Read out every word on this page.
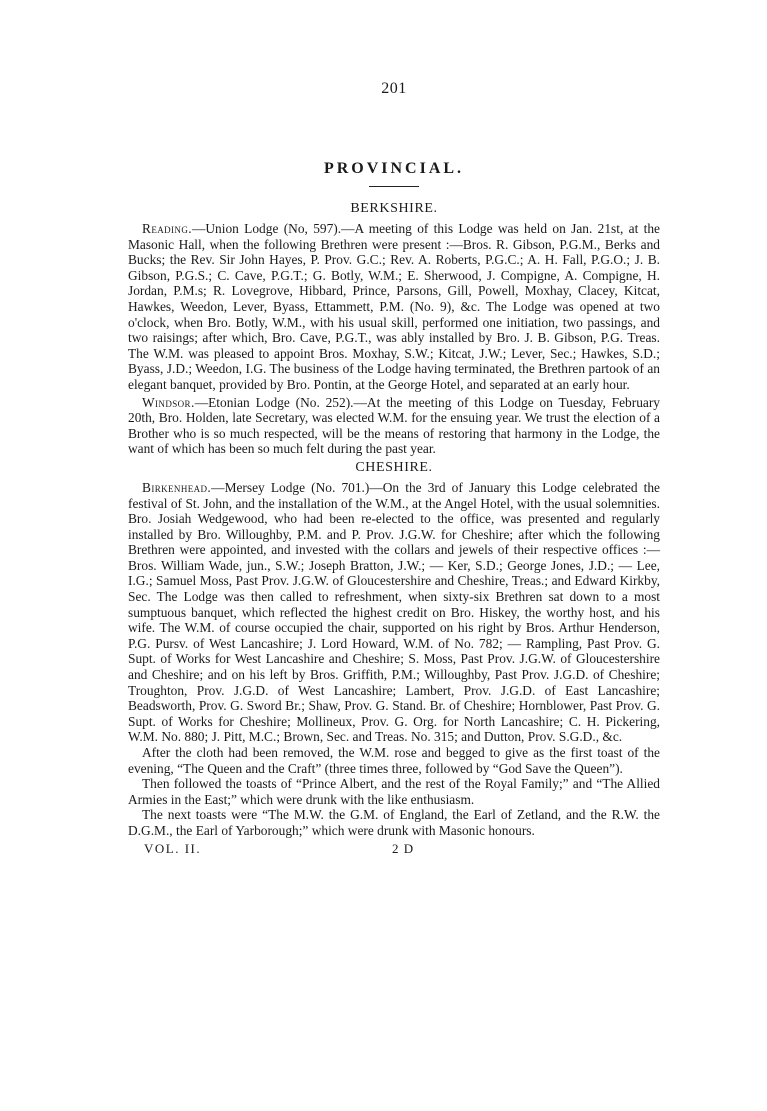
201
PROVINCIAL.
BERKSHIRE.

Reading.—Union Lodge (No, 597).—A meeting of this Lodge was held on Jan. 21st, at the Masonic Hall, when the following Brethren were present :—Bros. R. Gibson, P.G.M., Berks and Bucks; the Rev. Sir John Hayes, P. Prov. G.C.; Rev. A. Roberts, P.G.C.; A. H. Fall, P.G.O.; J. B. Gibson, P.G.S.; C. Cave, P.G.T.; G. Botly, W.M.; E. Sherwood, J. Compigne, A. Compigne, H. Jordan, P.M.s; R. Lovegrove, Hibbard, Prince, Parsons, Gill, Powell, Moxhay, Clacey, Kitcat, Hawkes, Weedon, Lever, Byass, Ettammett, P.M. (No. 9), &c. The Lodge was opened at two o'clock, when Bro. Botly, W.M., with his usual skill, performed one initiation, two passings, and two raisings; after which, Bro. Cave, P.G.T., was ably installed by Bro. J. B. Gibson, P.G. Treas. The W.M. was pleased to appoint Bros. Moxhay, S.W.; Kitcat, J.W.; Lever, Sec.; Hawkes, S.D.; Byass, J.D.; Weedon, I.G. The business of the Lodge having terminated, the Brethren partook of an elegant banquet, provided by Bro. Pontin, at the George Hotel, and separated at an early hour.

Windsor.—Etonian Lodge (No. 252).—At the meeting of this Lodge on Tuesday, February 20th, Bro. Holden, late Secretary, was elected W.M. for the ensuing year. We trust the election of a Brother who is so much respected, will be the means of restoring that harmony in the Lodge, the want of which has been so much felt during the past year.

CHESHIRE.

Birkenhead.—Mersey Lodge (No. 701.)—On the 3rd of January this Lodge celebrated the festival of St. John, and the installation of the W.M., at the Angel Hotel, with the usual solemnities. Bro. Josiah Wedgewood, who had been re-elected to the office, was presented and regularly installed by Bro. Willoughby, P.M. and P. Prov. J.G.W. for Cheshire; after which the following Brethren were appointed, and invested with the collars and jewels of their respective offices :—Bros. William Wade, jun., S.W.; Joseph Bratton, J.W.; — Ker, S.D.; George Jones, J.D.; — Lee, I.G.; Samuel Moss, Past Prov. J.G.W. of Gloucestershire and Cheshire, Treas.; and Edward Kirkby, Sec. The Lodge was then called to refreshment, when sixty-six Brethren sat down to a most sumptuous banquet, which reflected the highest credit on Bro. Hiskey, the worthy host, and his wife. The W.M. of course occupied the chair, supported on his right by Bros. Arthur Henderson, P.G. Pursv. of West Lancashire; J. Lord Howard, W.M. of No. 782; — Rampling, Past Prov. G. Supt. of Works for West Lancashire and Cheshire; S. Moss, Past Prov. J.G.W. of Gloucestershire and Cheshire; and on his left by Bros. Griffith, P.M.; Willoughby, Past Prov. J.G.D. of Cheshire; Troughton, Prov. J.G.D. of West Lancashire; Lambert, Prov. J.G.D. of East Lancashire; Beadsworth, Prov. G. Sword Br.; Shaw, Prov. G. Stand. Br. of Cheshire; Hornblower, Past Prov. G. Supt. of Works for Cheshire; Mollineux, Prov. G. Org. for North Lancashire; C. H. Pickering, W.M. No. 880; J. Pitt, M.C.; Brown, Sec. and Treas. No. 315; and Dutton, Prov. S.G.D., &c.

After the cloth had been removed, the W.M. rose and begged to give as the first toast of the evening, “The Queen and the Craft” (three times three, followed by “God Save the Queen”).

Then followed the toasts of “Prince Albert, and the rest of the Royal Family;” and “The Allied Armies in the East;” which were drunk with the like enthusiasm.

The next toasts were “The M.W. the G.M. of England, the Earl of Zetland, and the R.W. the D.G.M., the Earl of Yarborough;” which were drunk with Masonic honours.

VOL. II.	2 D
